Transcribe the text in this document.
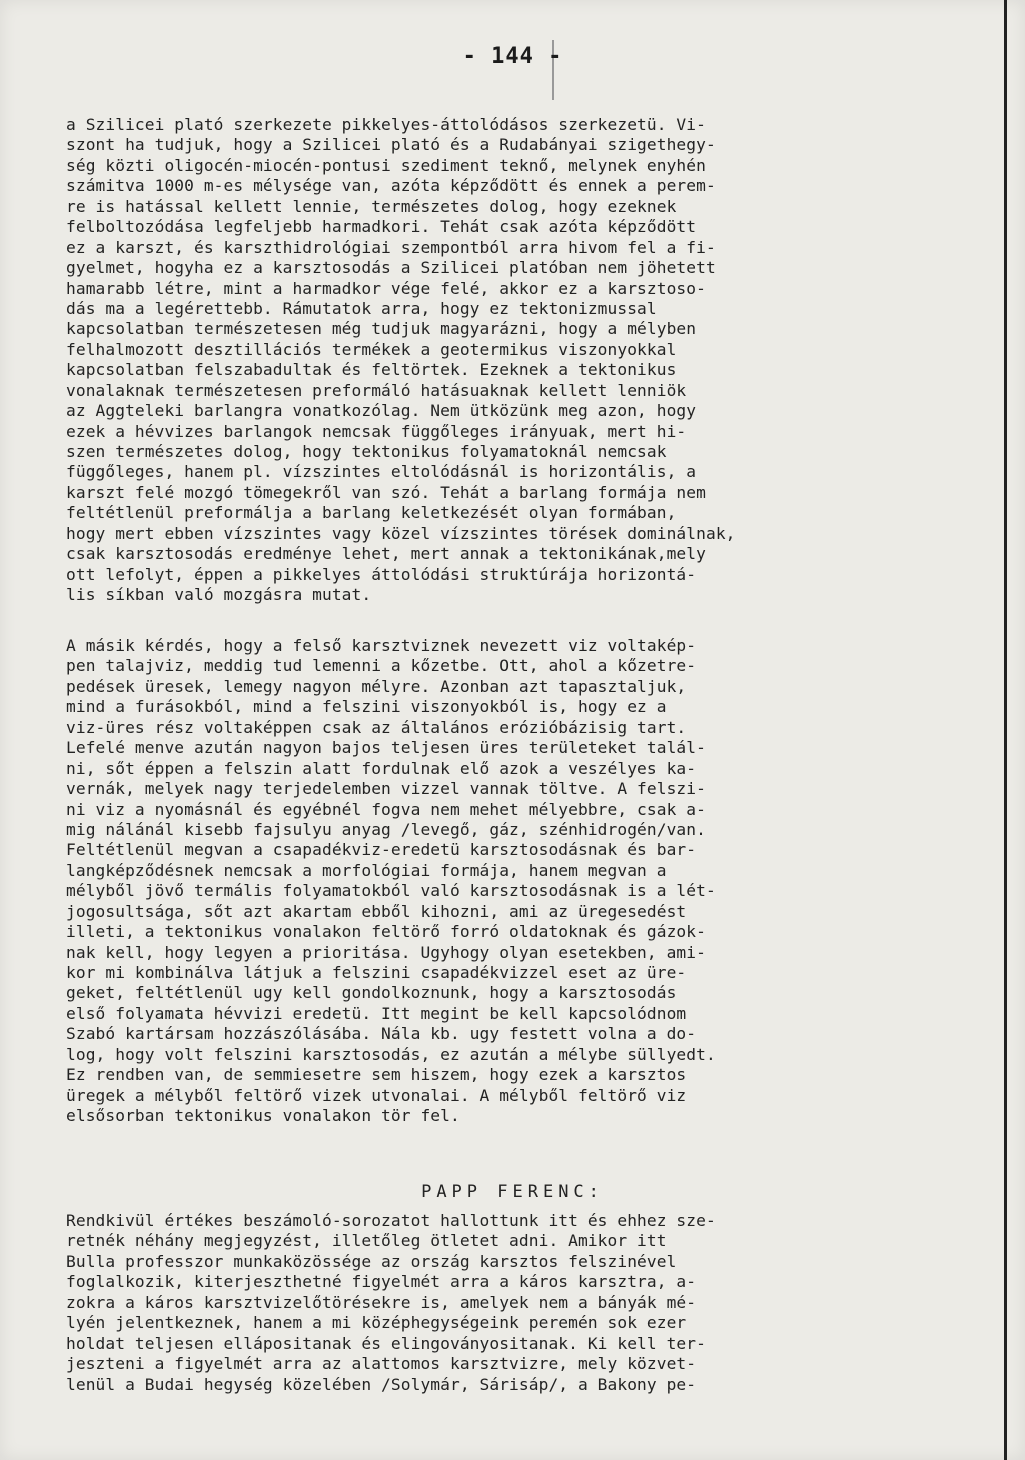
- 144 -
a Szilicei plató szerkezete pikkelyes-áttolódásos szerkezetü. Vi-
szont ha tudjuk, hogy a Szilicei plató és a Rudabányai szigethegy-
ség közti oligocén-miocén-pontusi szediment teknő, melynek enyhén
számitva 1000 m-es mélysége van, azóta képződött és ennek a perem-
re is hatással kellett lennie, természetes dolog, hogy ezeknek
felboltozódása legfeljebb harmadkori. Tehát csak azóta képződött
ez a karszt, és karszthidrológiai szempontból arra hivom fel a fi-
gyelmet, hogyha ez a karsztosodás a Szilicei platóban nem jöhetett
hamarabb létre, mint a harmadkor vége felé, akkor ez a karsztoso-
dás ma a legérettebb. Rámutatok arra, hogy ez tektonizmussal
kapcsolatban természetesen még tudjuk magyarázni, hogy a mélyben
felhalmozott desztillációs termékek a geotermikus viszonyokkal
kapcsolatban felszabadultak és feltörtek. Ezeknek a tektonikus
vonalaknak természetesen preformáló hatásuaknak kellett lenniök
az Aggteleki barlangra vonatkozólag. Nem ütközünk meg azon, hogy
ezek a hévvizes barlangok nemcsak függőleges irányuak, mert hi-
szen természetes dolog, hogy tektonikus folyamatoknál nemcsak
függőleges, hanem pl. vízszintes eltolódásnál is horizontális, a
karszt felé mozgó tömegekről van szó. Tehát a barlang formája nem
feltétlenül preformálja a barlang keletkezését olyan formában,
hogy mert ebben vízszintes vagy közel vízszintes törések dominálnak,
csak karsztosodás eredménye lehet, mert annak a tektonikának,mely
ott lefolyt, éppen a pikkelyes áttolódási struktúrája horizontá-
lis síkban való mozgásra mutat.
A másik kérdés, hogy a felső karsztviznek nevezett viz voltakép-
pen talajviz, meddig tud lemenni a kőzetbe. Ott, ahol a kőzetre-
pedések üresek, lemegy nagyon mélyre. Azonban azt tapasztaljuk,
mind a furásokból, mind a felszini viszonyokból is, hogy ez a
viz-üres rész voltaképpen csak az általános erózióbázisig tart.
Lefelé menve azután nagyon bajos teljesen üres területeket talál-
ni, sőt éppen a felszin alatt fordulnak elő azok a veszélyes ka-
vernák, melyek nagy terjedelemben vizzel vannak töltve. A felszi-
ni viz a nyomásnál és egyébnél fogva nem mehet mélyebbre, csak a-
mig nálánál kisebb fajsulyu anyag /levegő, gáz, szénhidrogén/van.
Feltétlenül megvan a csapadékviz-eredetü karsztosodásnak és bar-
langképződésnek nemcsak a morfológiai formája, hanem megvan a
mélyből jövő termális folyamatokból való karsztosodásnak is a lét-
jogosultsága, sőt azt akartam ebből kihozni, ami az üregesedést
illeti, a tektonikus vonalakon feltörő forró oldatoknak és gázok-
nak kell, hogy legyen a prioritása. Ugyhogy olyan esetekben, ami-
kor mi kombinálva látjuk a felszini csapadékvizzel eset az üre-
geket, feltétlenül ugy kell gondolkoznunk, hogy a karsztosodás
első folyamata hévvizi eredetü. Itt megint be kell kapcsolódnom
Szabó kartársam hozzászólásába. Nála kb. ugy festett volna a do-
log, hogy volt felszini karsztosodás, ez azután a mélybe süllyedt.
Ez rendben van, de semmiesetre sem hiszem, hogy ezek a karsztos
üregek a mélyből feltörő vizek utvonalai. A mélyből feltörő viz
elsősorban tektonikus vonalakon tör fel.
PAPP FERENC:
Rendkivül értékes beszámoló-sorozatot hallottunk itt és ehhez sze-
retnék néhány megjegyzést, illetőleg ötletet adni. Amikor itt
Bulla professzor munkaközössége az ország karsztos felszinével
foglalkozik, kiterjeszthetné figyelmét arra a káros karsztra, a-
zokra a káros karsztvizelőtörésekre is, amelyek nem a bányák mé-
lyén jelentkeznek, hanem a mi középhegységeink peremén sok ezer
holdat teljesen ellápositanak és elingoványositanak. Ki kell ter-
jeszteni a figyelmét arra az alattomos karsztvizre, mely közvet-
lenül a Budai hegység közelében /Solymár, Sárisáp/, a Bakony pe-
